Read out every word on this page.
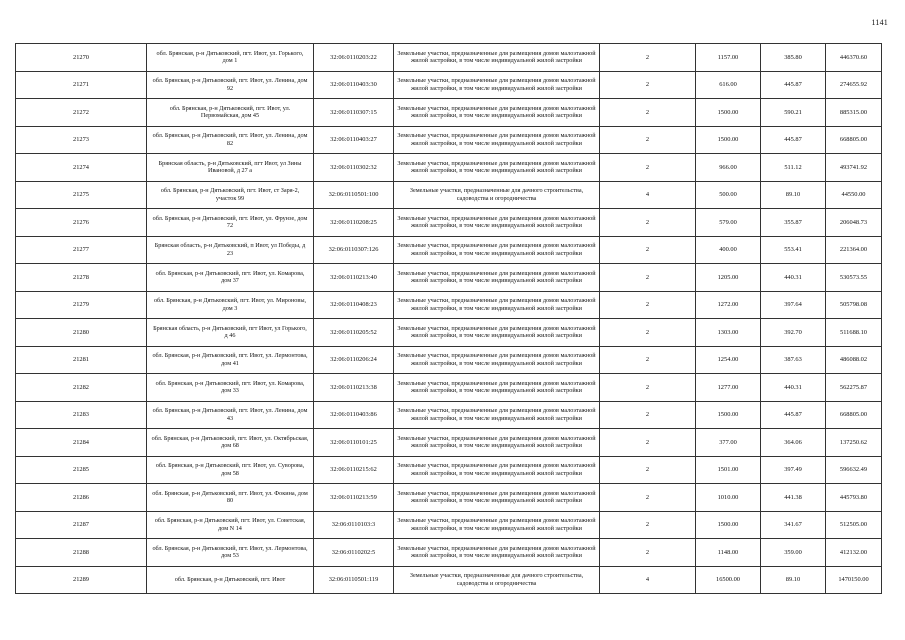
1141
21270	обл. Брянская, р-н Дятьковский, пгт. Ивот, ул. Горького, дом 1	32:06:0110203:22	Земельные участки, предназначенные для размещения домов малоэтажной жилой застройки, в том числе индивидуальной жилой застройки	2	1157.00	385.80	446370.60
21271	обл. Брянская, р-н Дятьковский, пгт. Ивот, ул. Ленина, дом 92	32:06:0110403:30	Земельные участки, предназначенные для размещения домов малоэтажной жилой застройки, в том числе индивидуальной жилой застройки	2	616.00	445.87	274655.92
21272	обл. Брянская, р-н Дятьковский, пгт. Ивот, ул. Первомайская, дом 45	32:06:0110307:15	Земельные участки, предназначенные для размещения домов малоэтажной жилой застройки, в том числе индивидуальной жилой застройки	2	1500.00	590.21	885315.00
21273	обл. Брянская, р-н Дятьковский, пгт. Ивот, ул. Ленина, дом 82	32:06:0110403:27	Земельные участки, предназначенные для размещения домов малоэтажной жилой застройки, в том числе индивидуальной жилой застройки	2	1500.00	445.87	668805.00
21274	Брянская область, р-н Дятьковский, пгт Ивот, ул Зины Ивановой, д 27 а	32:06:0110302:32	Земельные участки, предназначенные для размещения домов малоэтажной жилой застройки, в том числе индивидуальной жилой застройки	2	966.00	511.12	493741.92
21275	обл. Брянская, р-н Дятьковский, пгт. Ивот, ст Заря-2, участок 99	32:06:0110501:100	Земельные участки, предназначенные для дачного строительства, садоводства и огородничества	4	500.00	89.10	44550.00
21276	обл. Брянская, р-н Дятьковский, пгт. Ивот, ул. Фрунзе, дом 72	32:06:0110208:25	Земельные участки, предназначенные для размещения домов малоэтажной жилой застройки, в том числе индивидуальной жилой застройки	2	579.00	355.87	206048.73
21277	Брянская область, р-н Дятьковский, п Ивот, ул Победы, д 23	32:06:0110307:126	Земельные участки, предназначенные для размещения домов малоэтажной жилой застройки, в том числе индивидуальной жилой застройки	2	400.00	553.41	221364.00
21278	обл. Брянская, р-н Дятьковский, пгт. Ивот, ул. Комарова, дом 37	32:06:0110213:40	Земельные участки, предназначенные для размещения домов малоэтажной жилой застройки, в том числе индивидуальной жилой застройки	2	1205.00	440.31	530573.55
21279	обл. Брянская, р-н Дятьковский, пгт. Ивот, ул. Мироновы, дом 3	32:06:0110408:23	Земельные участки, предназначенные для размещения домов малоэтажной жилой застройки, в том числе индивидуальной жилой застройки	2	1272.00	397.64	505798.08
21280	Брянская область, р-н Дятьковский, пгт Ивот, ул Горького, д 46	32:06:0110205:52	Земельные участки, предназначенные для размещения домов малоэтажной жилой застройки, в том числе индивидуальной жилой застройки	2	1303.00	392.70	511688.10
21281	обл. Брянская, р-н Дятьковский, пгт. Ивот, ул. Лермонтова, дом 41	32:06:0110206:24	Земельные участки, предназначенные для размещения домов малоэтажной жилой застройки, в том числе индивидуальной жилой застройки	2	1254.00	387.63	486088.02
21282	обл. Брянская, р-н Дятьковский, пгт. Ивот, ул. Комарова, дом 33	32:06:0110213:38	Земельные участки, предназначенные для размещения домов малоэтажной жилой застройки, в том числе индивидуальной жилой застройки	2	1277.00	440.31	562275.87
21283	обл. Брянская, р-н Дятьковский, пгт. Ивот, ул. Ленина, дом 43	32:06:0110403:86	Земельные участки, предназначенные для размещения домов малоэтажной жилой застройки, в том числе индивидуальной жилой застройки	2	1500.00	445.87	668805.00
21284	обл. Брянская, р-н Дятьковский, пгт. Ивот, ул. Октябрьская, дом 68	32:06:0110101:25	Земельные участки, предназначенные для размещения домов малоэтажной жилой застройки, в том числе индивидуальной жилой застройки	2	377.00	364.06	137250.62
21285	обл. Брянская, р-н Дятьковский, пгт. Ивот, ул. Суворова, дом 58	32:06:0110215:62	Земельные участки, предназначенные для размещения домов малоэтажной жилой застройки, в том числе индивидуальной жилой застройки	2	1501.00	397.49	596632.49
21286	обл. Брянская, р-н Дятьковский, пгт. Ивот, ул. Фокина, дом 80	32:06:0110213:59	Земельные участки, предназначенные для размещения домов малоэтажной жилой застройки, в том числе индивидуальной жилой застройки	2	1010.00	441.38	445793.80
21287	обл. Брянская, р-н Дятьковский, пгт. Ивот, ул. Советская, дом N 14	32:06:0110103:3	Земельные участки, предназначенные для размещения домов малоэтажной жилой застройки, в том числе индивидуальной жилой застройки	2	1500.00	341.67	512505.00
21288	обл. Брянская, р-н Дятьковский, пгт. Ивот, ул. Лермонтова, дом 53	32:06:0110202:5	Земельные участки, предназначенные для размещения домов малоэтажной жилой застройки, в том числе индивидуальной жилой застройки	2	1148.00	359.00	412132.00
21289	обл. Брянская, р-н Дятьковский, пгт. Ивот	32:06:0110501:119	Земельные участки, предназначенные для дачного строительства, садоводства и огородничества	4	16500.00	89.10	1470150.00
